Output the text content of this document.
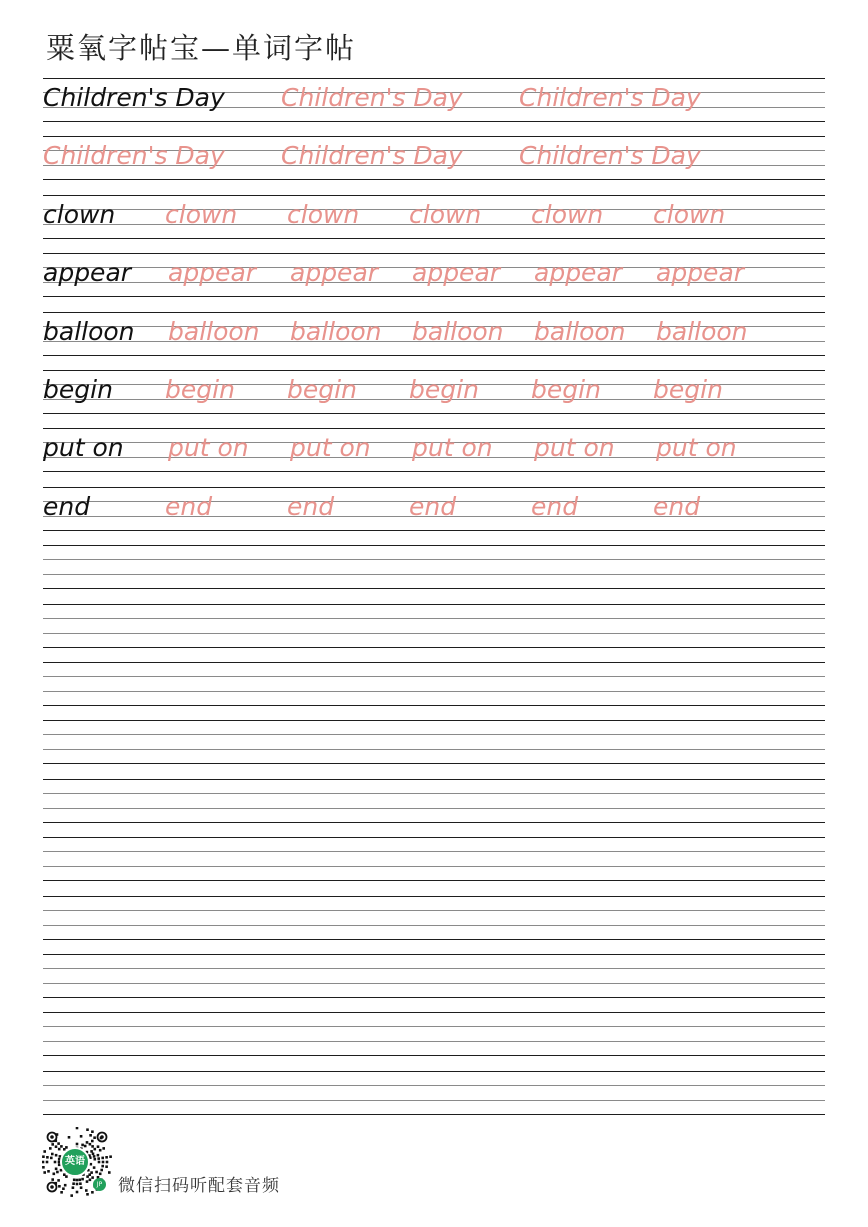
粟氧字帖宝—单词字帖
Children's Day Children's Day Children's Day
Children's Day Children's Day Children's Day
clown clown clown clown clown clown
appear appear appear appear appear appear
balloon balloon balloon balloon balloon balloon
begin begin begin begin begin begin
put on put on put on put on put on put on
end	end	end	end	end	end
英语
JP 微信扫码听配套音频
